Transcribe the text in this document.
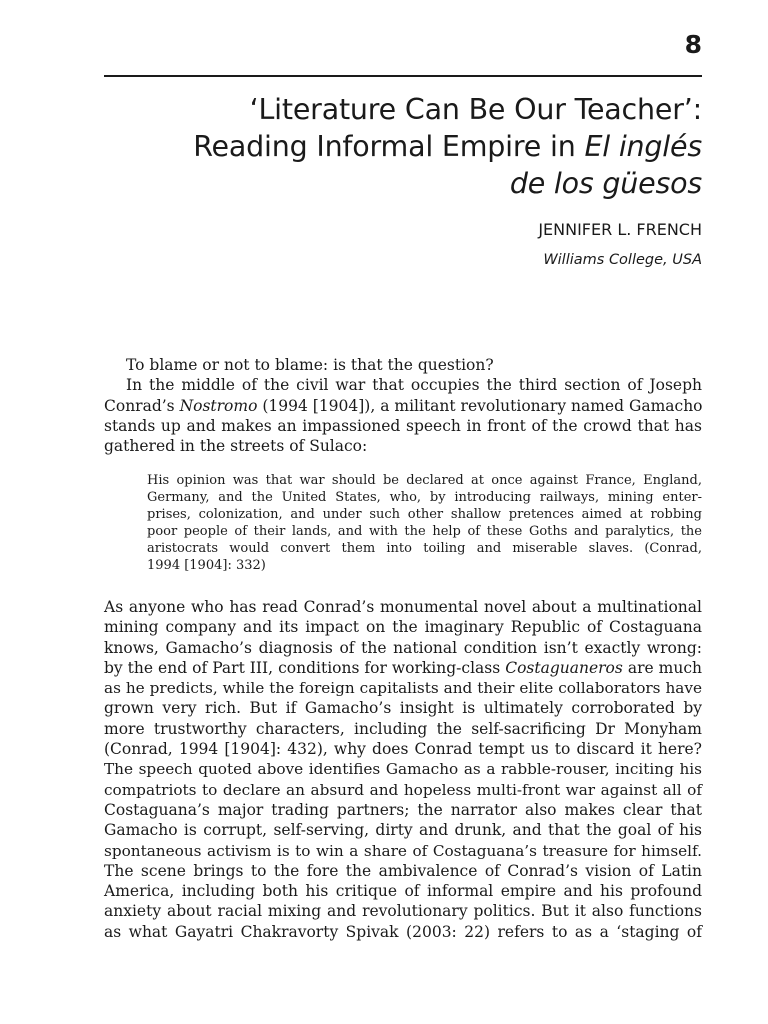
8
‘Literature Can Be Our Teacher’:
Reading Informal Empire in El inglés
de los güesos
JENNIFER L. FRENCH
Williams College, USA
To blame or not to blame: is that the question?
In the middle of the civil war that occupies the third section of Joseph
Conrad’s Nostromo (1994 [1904]), a militant revolutionary named Gamacho
stands up and makes an impassioned speech in front of the crowd that has
gathered in the streets of Sulaco:
His opinion was that war should be declared at once against France, England,
Germany, and the United States, who, by introducing railways, mining enter-
prises, colonization, and under such other shallow pretences aimed at robbing
poor people of their lands, and with the help of these Goths and paralytics, the
aristocrats would convert them into toiling and miserable slaves. (Conrad,
1994 [1904]: 332)
As anyone who has read Conrad’s monumental novel about a multinational
mining company and its impact on the imaginary Republic of Costaguana
knows, Gamacho’s diagnosis of the national condition isn’t exactly wrong:
by the end of Part III, conditions for working-class Costaguaneros are much
as he predicts, while the foreign capitalists and their elite collaborators have
grown very rich. But if Gamacho’s insight is ultimately corroborated by
more trustworthy characters, including the self-sacrificing Dr Monyham
(Conrad, 1994 [1904]: 432), why does Conrad tempt us to discard it here?
The speech quoted above identifies Gamacho as a rabble-rouser, inciting his
compatriots to declare an absurd and hopeless multi-front war against all of
Costaguana’s major trading partners; the narrator also makes clear that
Gamacho is corrupt, self-serving, dirty and drunk, and that the goal of his
spontaneous activism is to win a share of Costaguana’s treasure for himself.
The scene brings to the fore the ambivalence of Conrad’s vision of Latin
America, including both his critique of informal empire and his profound
anxiety about racial mixing and revolutionary politics. But it also functions
as what Gayatri Chakravorty Spivak (2003: 22) refers to as a ‘staging of
